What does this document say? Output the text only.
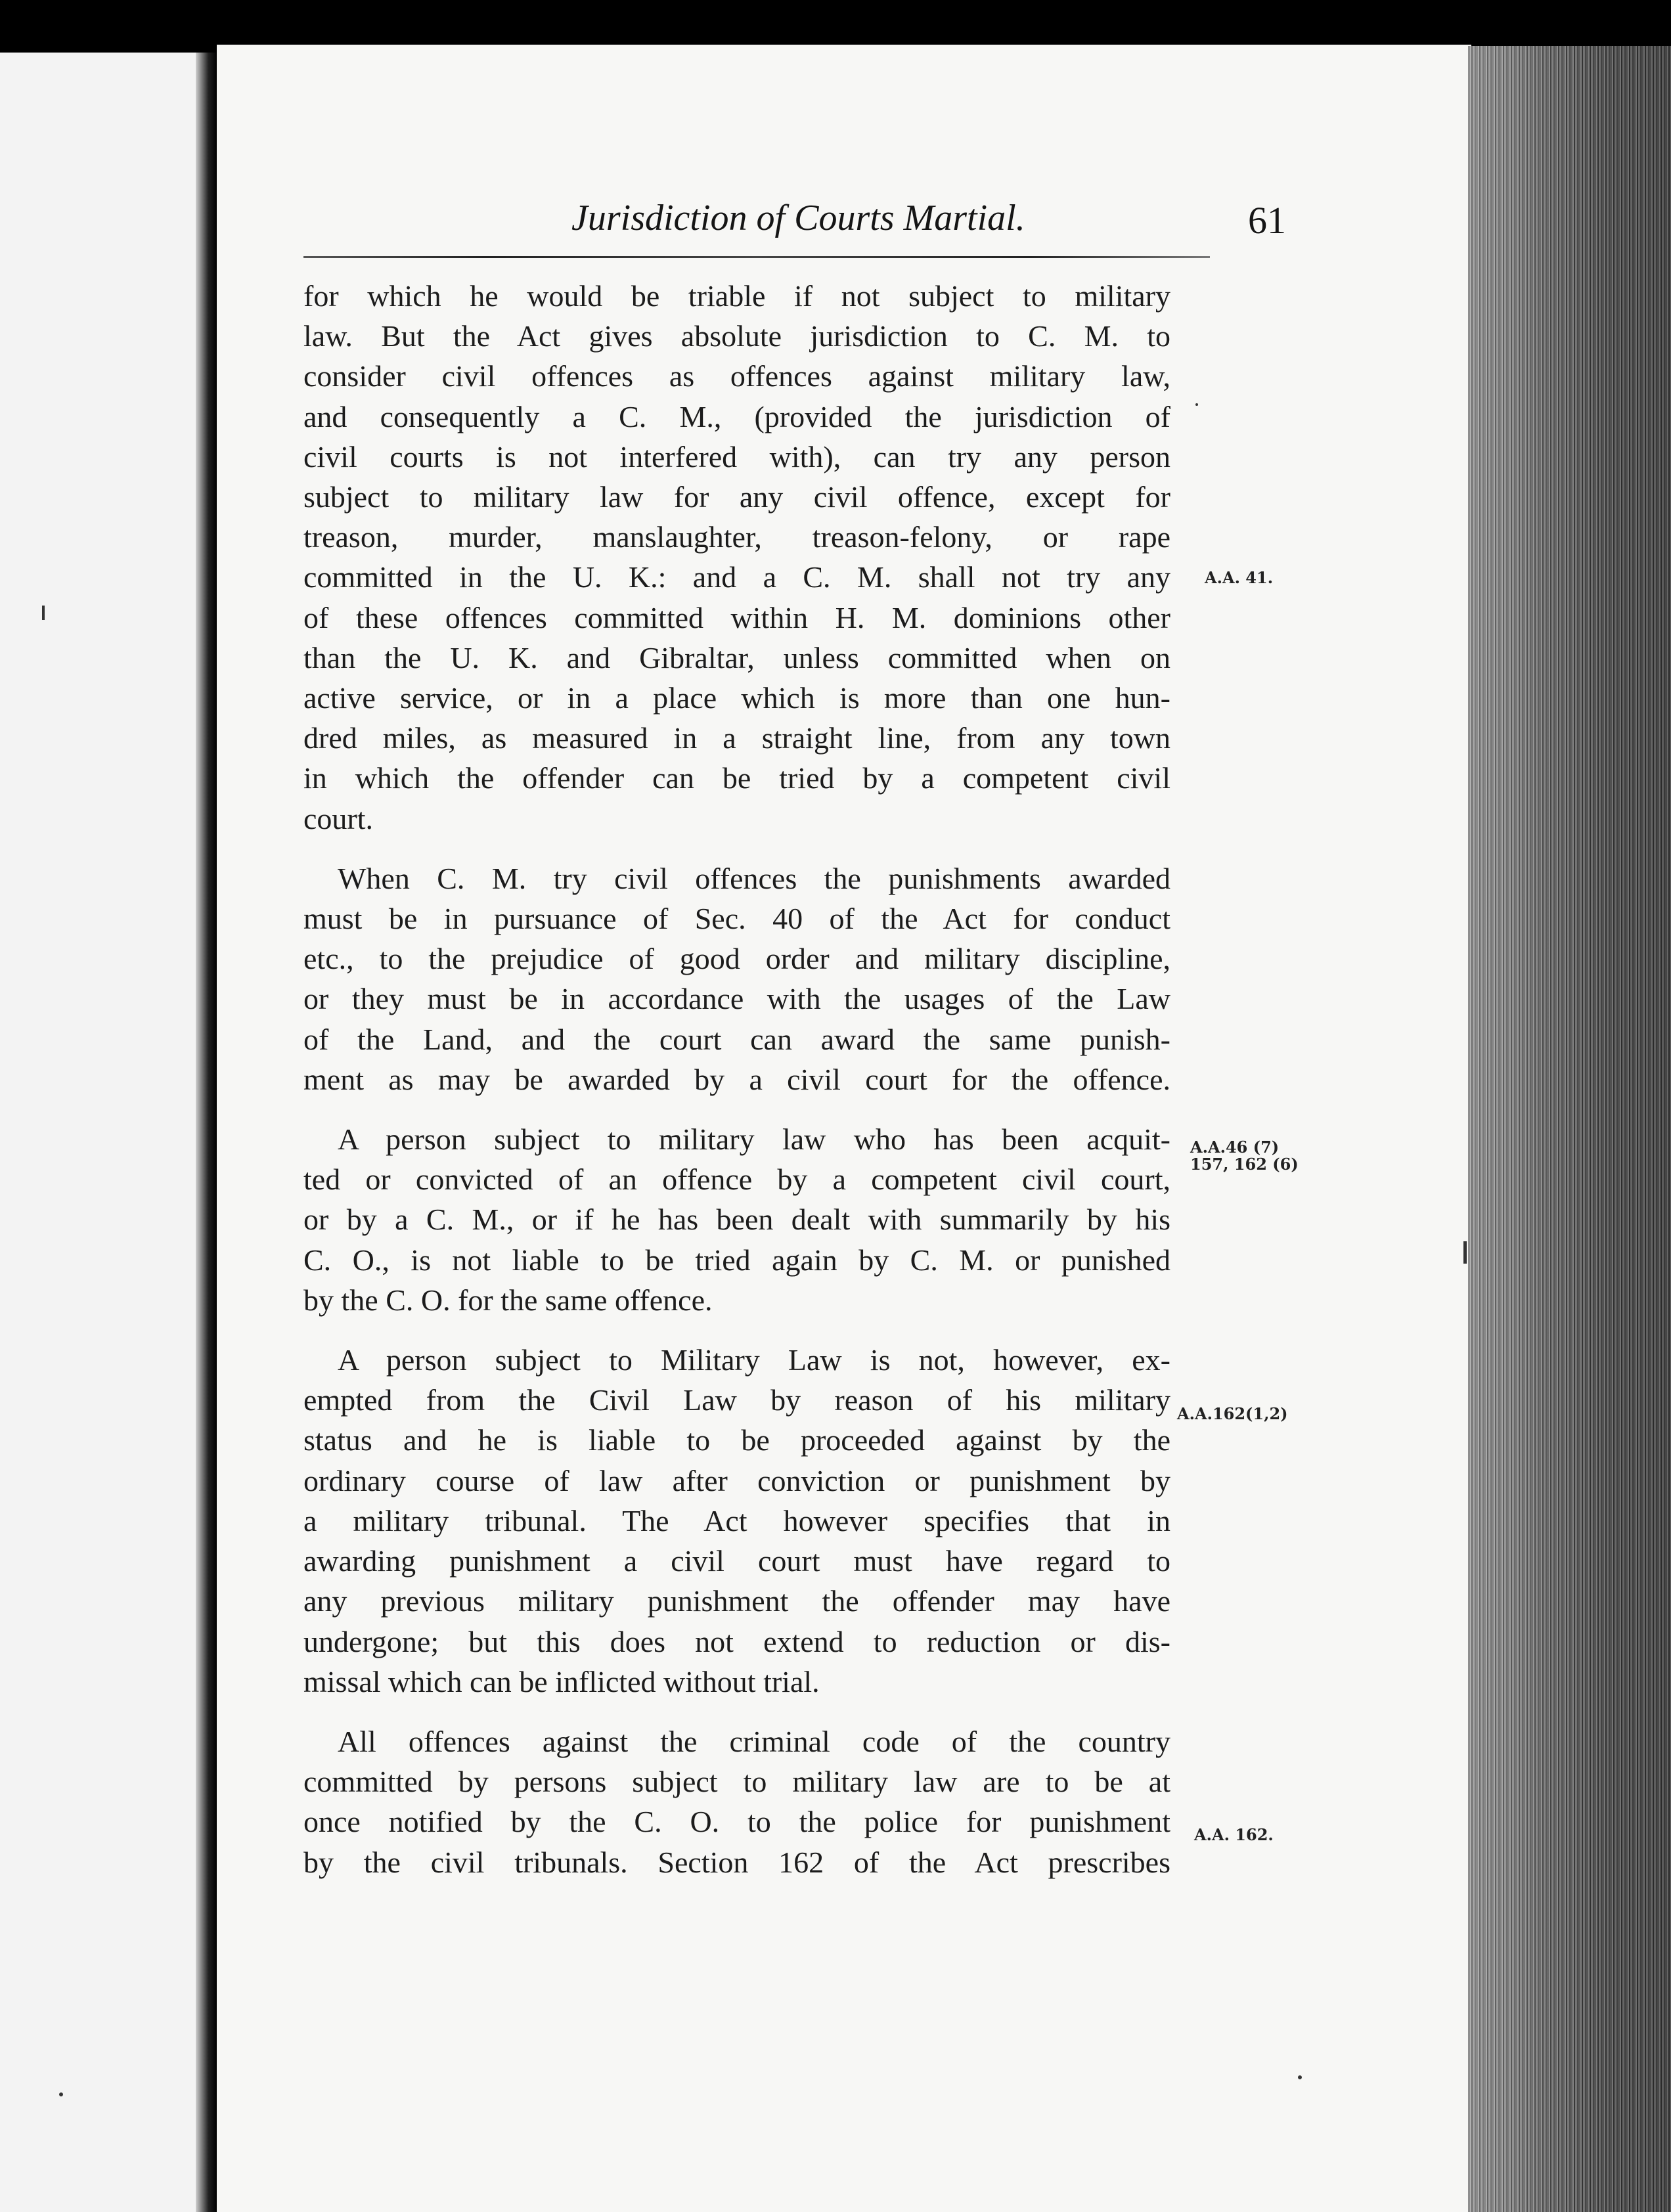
Jurisdiction of Courts Martial.	61
for which he would be triable if not subject to military
law. But the Act gives absolute jurisdiction to C. M. to
consider civil offences as offences against military law,
and consequently a C. M., (provided the jurisdiction of
civil courts is not interfered with), can try any person
subject to military law for any civil offence, except for
treason, murder, manslaughter, treason-felony, or rape
committed in the U. K.: and a C. M. shall not try any
of these offences committed within H. M. dominions other
than the U. K. and Gibraltar, unless committed when on
active service, or in a place which is more than one hun-
dred miles, as measured in a straight line, from any town
in which the offender can be tried by a competent civil
court.
A.A. 41.
When C. M. try civil offences the punishments awarded
must be in pursuance of Sec. 40 of the Act for conduct
etc., to the prejudice of good order and military discipline,
or they must be in accordance with the usages of the Law
of the Land, and the court can award the same punish-
ment as may be awarded by a civil court for the offence.
A person subject to military law who has been acquit-
ted or convicted of an offence by a competent civil court,
or by a C. M., or if he has been dealt with summarily by his
C. O., is not liable to be tried again by C. M. or punished
by the C. O. for the same offence.
A.A.46 (7)
157, 162 (6)
A person subject to Military Law is not, however, ex-
empted from the Civil Law by reason of his military
status and he is liable to be proceeded against by the
ordinary course of law after conviction or punishment by
a military tribunal. The Act however specifies that in
awarding punishment a civil court must have regard to
any previous military punishment the offender may have
undergone; but this does not extend to reduction or dis-
missal which can be inflicted without trial.
A.A.162(1,2)
All offences against the criminal code of the country
committed by persons subject to military law are to be at
once notified by the C. O. to the police for punishment
by the civil tribunals. Section 162 of the Act prescribes
A.A. 162.
